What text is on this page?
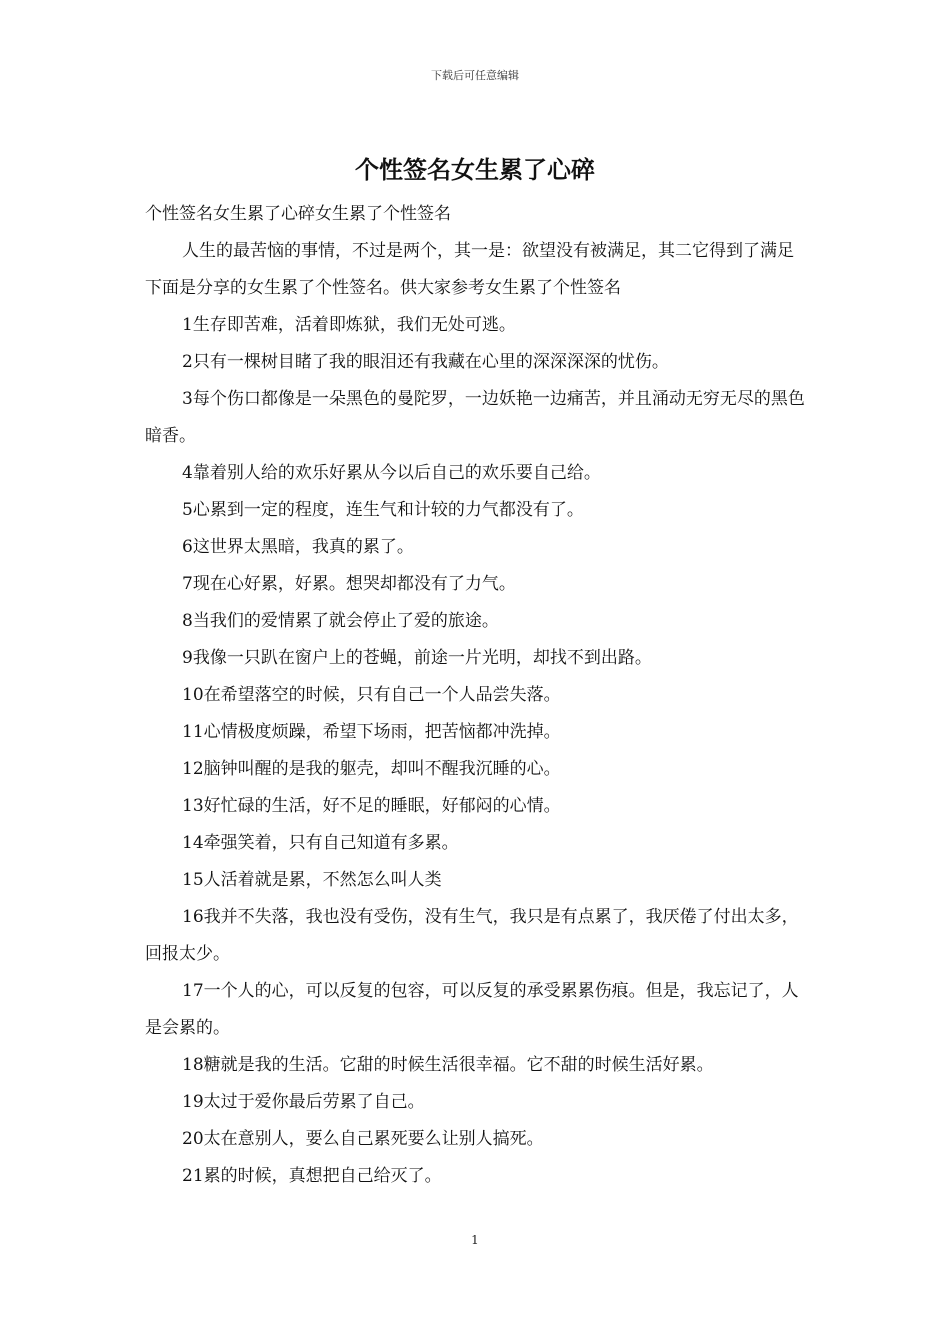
下载后可任意编辑
个性签名女生累了心碎

个性签名女生累了心碎女生累了个性签名

人生的最苦恼的事情，不过是两个，其一是：欲望没有被满足，其二它得到了满足下面是分享的女生累了个性签名。供大家参考女生累了个性签名

1生存即苦难，活着即炼狱，我们无处可逃。

2只有一棵树目睹了我的眼泪还有我藏在心里的深深深深的忧伤。

3每个伤口都像是一朵黑色的曼陀罗，一边妖艳一边痛苦，并且涌动无穷无尽的黑色暗香。

4靠着别人给的欢乐好累从今以后自己的欢乐要自己给。

5心累到一定的程度，连生气和计较的力气都没有了。

6这世界太黑暗，我真的累了。

7现在心好累，好累。想哭却都没有了力气。

8当我们的爱情累了就会停止了爱的旅途。

9我像一只趴在窗户上的苍蝇，前途一片光明，却找不到出路。

10在希望落空的时候，只有自己一个人品尝失落。

11心情极度烦躁，希望下场雨，把苦恼都冲洗掉。

12脑钟叫醒的是我的躯壳，却叫不醒我沉睡的心。

13好忙碌的生活，好不足的睡眠，好郁闷的心情。

14牵强笑着，只有自己知道有多累。

15人活着就是累，不然怎么叫人类

16我并不失落，我也没有受伤，没有生气，我只是有点累了，我厌倦了付出太多，回报太少。

17一个人的心，可以反复的包容，可以反复的承受累累伤痕。但是，我忘记了，人是会累的。

18糖就是我的生活。它甜的时候生活很幸福。它不甜的时候生活好累。

19太过于爱你最后劳累了自己。

20太在意别人，要么自己累死要么让别人搞死。

21累的时候，真想把自己给灭了。

1
